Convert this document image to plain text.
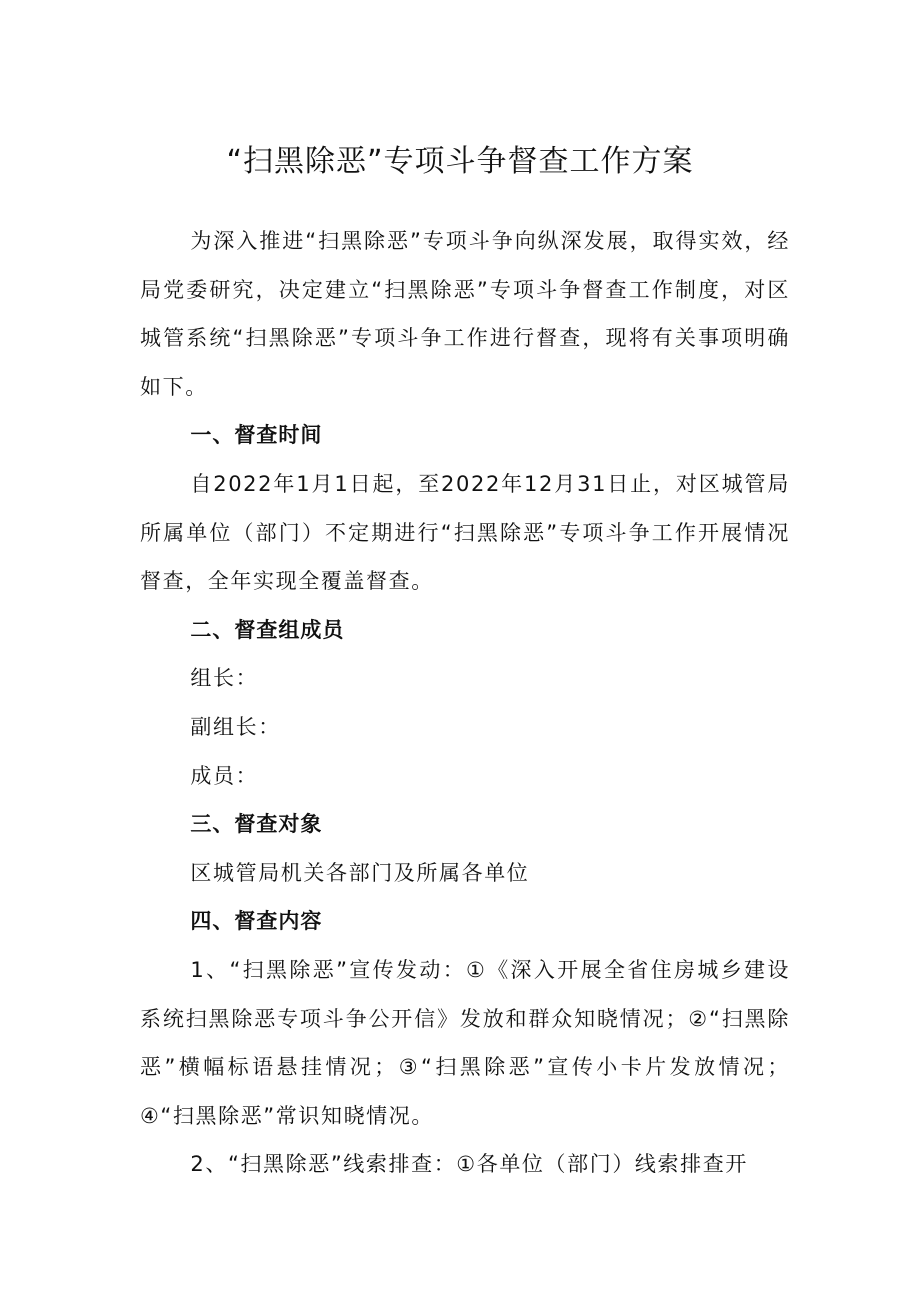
“扫黑除恶”专项斗争督查工作方案

为深入推进“扫黑除恶”专项斗争向纵深发展，取得实效，经局党委研究，决定建立“扫黑除恶”专项斗争督查工作制度，对区城管系统“扫黑除恶”专项斗争工作进行督查，现将有关事项明确如下。

一、督查时间

自2022年1月1日起，至2022年12月31日止，对区城管局所属单位（部门）不定期进行“扫黑除恶”专项斗争工作开展情况督查，全年实现全覆盖督查。

二、督查组成员

组长：

副组长：

成员：

三、督查对象

区城管局机关各部门及所属各单位

四、督查内容

1、“扫黑除恶”宣传发动：①《深入开展全省住房城乡建设系统扫黑除恶专项斗争公开信》发放和群众知晓情况；②“扫黑除恶”横幅标语悬挂情况；③“扫黑除恶”宣传小卡片发放情况；④“扫黑除恶”常识知晓情况。

2、“扫黑除恶”线索排查：①各单位（部门）线索排查开
